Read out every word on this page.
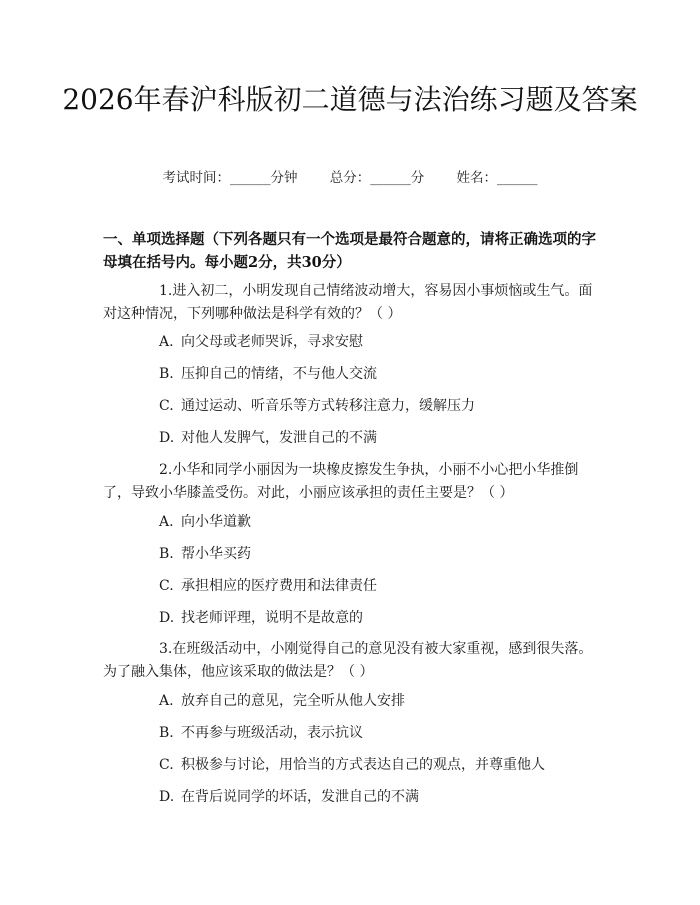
2026年春沪科版初二道德与法治练习题及答案
考试时间：______分钟 总分：______分 姓名：______
一、单项选择题（下列各题只有一个选项是最符合题意的，请将正确选项的字母填在括号内。每小题2分，共30分）
1.进入初二，小明发现自己情绪波动增大，容易因小事烦恼或生气。面对这种情况，下列哪种做法是科学有效的？（ ）
A. 向父母或老师哭诉，寻求安慰
B. 压抑自己的情绪，不与他人交流
C. 通过运动、听音乐等方式转移注意力，缓解压力
D. 对他人发脾气，发泄自己的不满
2.小华和同学小丽因为一块橡皮擦发生争执，小丽不小心把小华推倒了，导致小华膝盖受伤。对此，小丽应该承担的责任主要是？（ ）
A. 向小华道歉
B. 帮小华买药
C. 承担相应的医疗费用和法律责任
D. 找老师评理，说明不是故意的
3.在班级活动中，小刚觉得自己的意见没有被大家重视，感到很失落。为了融入集体，他应该采取的做法是？（ ）
A. 放弃自己的意见，完全听从他人安排
B. 不再参与班级活动，表示抗议
C. 积极参与讨论，用恰当的方式表达自己的观点，并尊重他人
D. 在背后说同学的坏话，发泄自己的不满
